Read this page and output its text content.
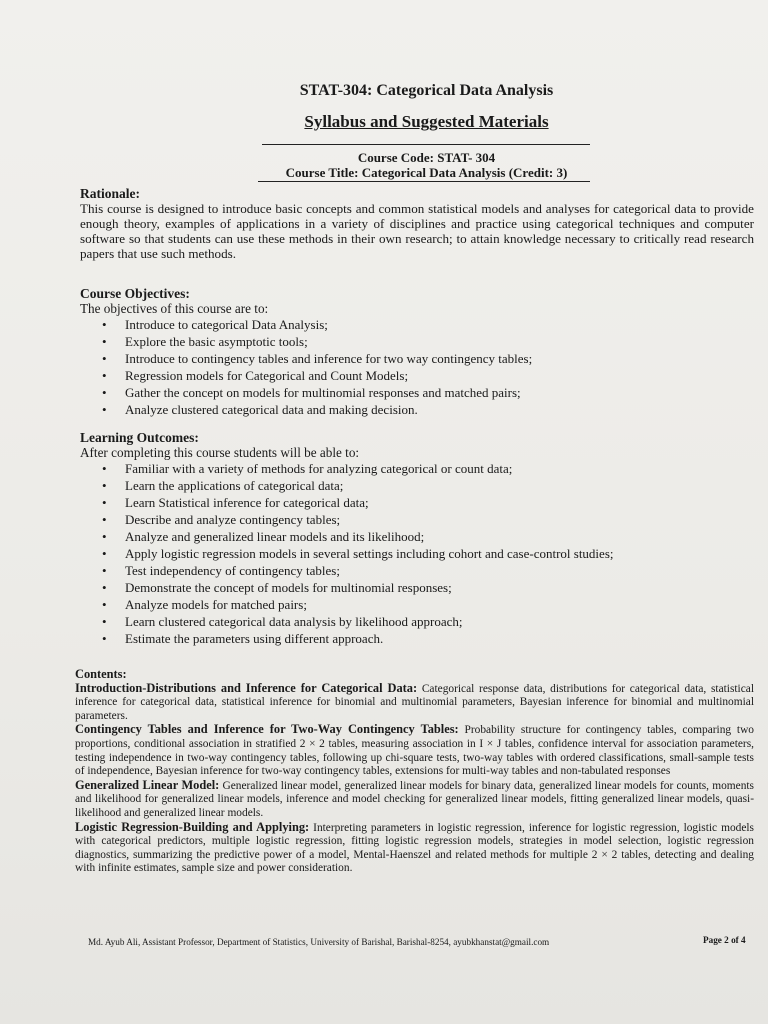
STAT-304: Categorical Data Analysis
Syllabus and Suggested Materials
Course Code: STAT- 304
Course Title: Categorical Data Analysis (Credit: 3)
Rationale:
This course is designed to introduce basic concepts and common statistical models and analyses for categorical data to provide enough theory, examples of applications in a variety of disciplines and practice using categorical techniques and computer software so that students can use these methods in their own research; to attain knowledge necessary to critically read research papers that use such methods.
Course Objectives:
The objectives of this course are to:
• Introduce to categorical Data Analysis;
• Explore the basic asymptotic tools;
• Introduce to contingency tables and inference for two way contingency tables;
• Regression models for Categorical and Count Models;
• Gather the concept on models for multinomial responses and matched pairs;
• Analyze clustered categorical data and making decision.
Learning Outcomes:
After completing this course students will be able to:
• Familiar with a variety of methods for analyzing categorical or count data;
• Learn the applications of categorical data;
• Learn Statistical inference for categorical data;
• Describe and analyze contingency tables;
• Analyze and generalized linear models and its likelihood;
• Apply logistic regression models in several settings including cohort and case-control studies;
• Test independency of contingency tables;
• Demonstrate the concept of models for multinomial responses;
• Analyze models for matched pairs;
• Learn clustered categorical data analysis by likelihood approach;
• Estimate the parameters using different approach.
Contents:

Introduction-Distributions and Inference for Categorical Data: Categorical response data, distributions for categorical data, statistical inference for categorical data, statistical inference for binomial and multinomial parameters, Bayesian inference for binomial and multinomial parameters.

Contingency Tables and Inference for Two-Way Contingency Tables: Probability structure for contingency tables, comparing two proportions, conditional association in stratified 2 × 2 tables, measuring association in I × J tables, confidence interval for association parameters, testing independence in two-way contingency tables, following up chi-square tests, two-way tables with ordered classifications, small-sample tests of independence, Bayesian inference for two-way contingency tables, extensions for multi-way tables and non-tabulated responses

Generalized Linear Model: Generalized linear model, generalized linear models for binary data, generalized linear models for counts, moments and likelihood for generalized linear models, inference and model checking for generalized linear models, fitting generalized linear models, quasi-likelihood and generalized linear models.

Logistic Regression-Building and Applying: Interpreting parameters in logistic regression, inference for logistic regression, logistic models with categorical predictors, multiple logistic regression, fitting logistic regression models, strategies in model selection, logistic regression diagnostics, summarizing the predictive power of a model, Mental-Haenszel and related methods for multiple 2 × 2 tables, detecting and dealing with infinite estimates, sample size and power consideration.

Md. Ayub Ali, Assistant Professor, Department of Statistics, University of Barishal, Barishal-8254, ayubkhanstat@gmail.com	Page 2 of 4
